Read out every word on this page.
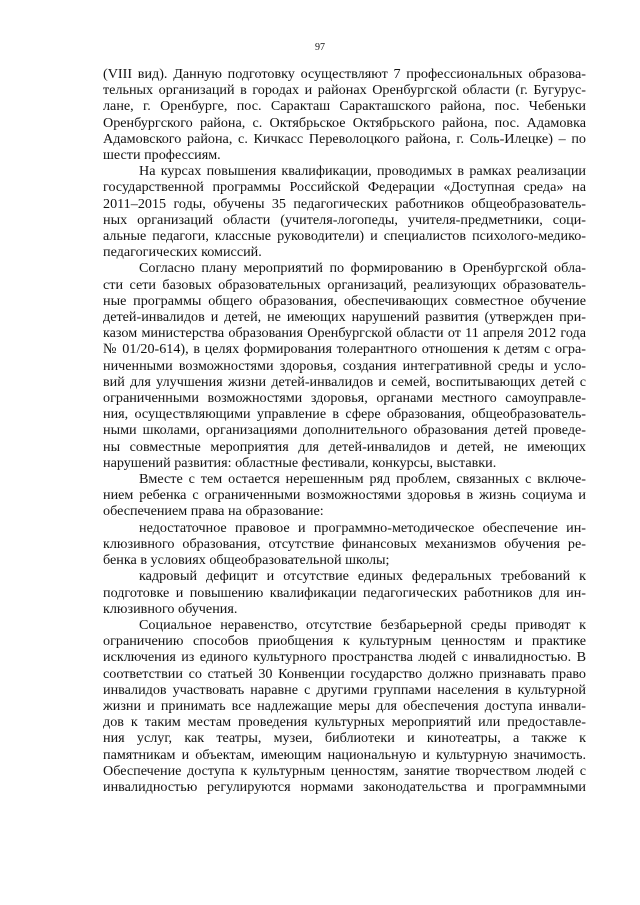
97
(VIII вид). Данную подготовку осуществляют 7 профессиональных образова-
тельных организаций в городах и районах Оренбургской области (г. Бугурус-
лане, г. Оренбурге, пос. Саракташ Саракташского района, пос. Чебеньки
Оренбургского района, с. Октябрьское Октябрьского района, пос. Адамовка
Адамовского района, с. Кичкасс Переволоцкого района, г. Соль-Илецке) – по
шести профессиям.
На курсах повышения квалификации, проводимых в рамках реализации
государственной программы Российской Федерации «Доступная среда» на
2011–2015 годы, обучены 35 педагогических работников общеобразователь-
ных организаций области (учителя-логопеды, учителя-предметники, соци-
альные педагоги, классные руководители) и специалистов психолого-медико-
педагогических комиссий.
Согласно плану мероприятий по формированию в Оренбургской обла-
сти сети базовых образовательных организаций, реализующих образователь-
ные программы общего образования, обеспечивающих совместное обучение
детей-инвалидов и детей, не имеющих нарушений развития (утвержден при-
казом министерства образования Оренбургской области от 11 апреля 2012 года
№ 01/20-614), в целях формирования толерантного отношения к детям с огра-
ниченными возможностями здоровья, создания интегративной среды и усло-
вий для улучшения жизни детей-инвалидов и семей, воспитывающих детей с
ограниченными возможностями здоровья, органами местного самоуправле-
ния, осуществляющими управление в сфере образования, общеобразователь-
ными школами, организациями дополнительного образования детей проведе-
ны совместные мероприятия для детей-инвалидов и детей, не имеющих
нарушений развития: областные фестивали, конкурсы, выставки.
Вместе с тем остается нерешенным ряд проблем, связанных с включе-
нием ребенка с ограниченными возможностями здоровья в жизнь социума и
обеспечением права на образование:
недостаточное правовое и программно-методическое обеспечение ин-
клюзивного образования, отсутствие финансовых механизмов обучения ре-
бенка в условиях общеобразовательной школы;
кадровый дефицит и отсутствие единых федеральных требований к
подготовке и повышению квалификации педагогических работников для ин-
клюзивного обучения.
Социальное неравенство, отсутствие безбарьерной среды приводят к
ограничению способов приобщения к культурным ценностям и практике
исключения из единого культурного пространства людей с инвалидностью. В
соответствии со статьей 30 Конвенции государство должно признавать право
инвалидов участвовать наравне с другими группами населения в культурной
жизни и принимать все надлежащие меры для обеспечения доступа инвали-
дов к таким местам проведения культурных мероприятий или предоставле-
ния услуг, как театры, музеи, библиотеки и кинотеатры, а также к
памятникам и объектам, имеющим национальную и культурную значимость.
Обеспечение доступа к культурным ценностям, занятие творчеством людей с
инвалидностью регулируются нормами законодательства и программными
